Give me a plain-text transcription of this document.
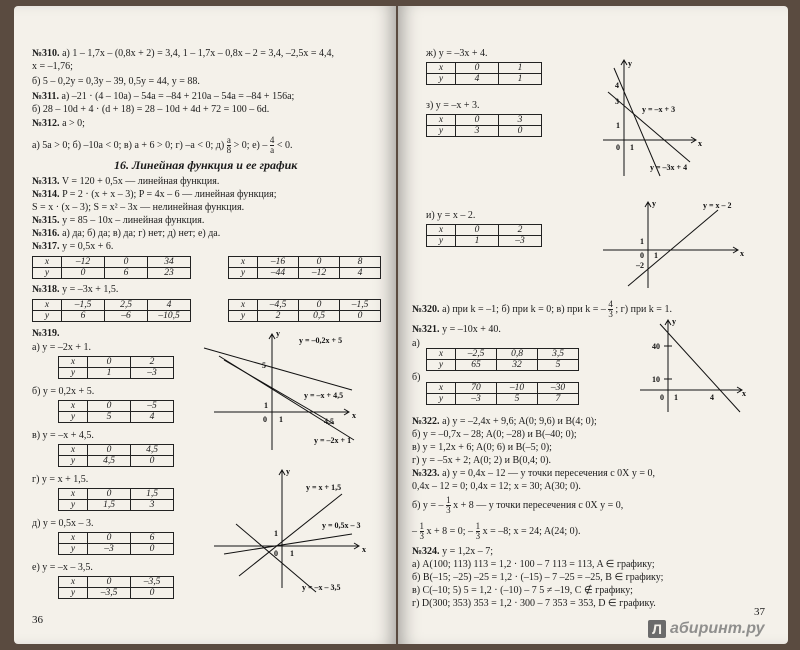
№310. а) 1 – 1,7x – (0,8x + 2) = 3,4, 1 – 1,7x – 0,8x – 2 = 3,4, –2,5x = 4,4,
x = –1,76;
б) 5 – 0,2y = 0,3y – 39, 0,5y = 44, y = 88.
№311. а) –21 · (4 – 10a) – 54a = –84 + 210a – 54a = –84 + 156a;
б) 28 – 10d + 4 · (d + 18) = 28 – 10d + 4d + 72 = 100 – 6d.
№312. a > 0;
а) 5a > 0; б) –10a < 0; в) a + 6 > 0; г) –a < 0; $д) \frac{a}{8} > 0$; $е) - \frac{4}{a} < 0$.
16. Линейная функция и ее график
№313. V = 120 + 0,5x — линейная функция.
№314. P = 2 · (x + x – 3); P = 4x – 6 — линейная функция;
S = x · (x – 3); S = x² – 3x — нелинейная функция.
№315. y = 85 – 10x – линейная функция.
№316. а) да; б) да; в) да; г) нет; д) нет; е) да.
№317. y = 0,5x + 6.
x	–12	0	34
y	0	6	23
x	–16	0	8
y	–44	–12	4
№318. y = –3x + 1,5.
x	–1,5	2,5	4
y	6	–6	–10,5
x	–4,5	0	–1,5
y	2	0,5	0
№319.
а) y = –2x + 1.
x	0	2
y	1	–3
б) y = 0,2x + 5.
x	0	–5
y	5	4
в) y = –x + 4,5.
x	0	4,5
y	4,5	0
г) y = x + 1,5.
x	0	1,5
y	1,5	3
д) y = 0,5x – 3.
x	0	6
y	–3	0
е) y = –x – 3,5.
x	0	–3,5
y	–3,5	0
y = –0,2x + 5
y = –x + 4,5
y = –2x + 1
5
1
0 1	4,5
x
y
y = x + 1,5
y = 0,5x – 3
y = –x – 3,5
1
0 1	x
y
36
ж) y = –3x + 4.
x	0	1
y	4	1
з) y = –x + 3.
x	0	3
y	3	0
y = –x + 3
y = –3x + 4
4
3
1
0 1	x
y
и) y = x – 2.
x	0	2
y	1	–3
y = x – 2
1
0 1
–2
x
y
№320. а) при k = –1; б) при k = 0; в) при k = – $\frac{4}{3}$ ; г) при k = 1.
№321. y = –10x + 40.
а)
x	–2,5	0,8	3,5
y	65	32	5
б)
x	70	–10	–30
y	–3	5	7
40
10
0 1	4	x
y
№322. а) y = –2,4x + 9,6; A(0; 9,6) и B(4; 0);
б) y = –0,7x – 28; A(0; –28) и B(–40; 0);
в) y = 1,2x + 6; A(0; 6) и B(–5; 0);
г) y = –5x + 2; A(0; 2) и B(0,4; 0).
№323. а) y = 0,4x – 12 — у точки пересечения с 0X y = 0,
0,4x – 12 = 0; 0,4x = 12; x = 30; A(30; 0).
б) y = – $\frac{1}{3}$ x + 8 — у точки пересечения с 0X y = 0,
– $\frac{1}{3}$ x + 8 = 0; – $\frac{1}{3}$ x = –8; x = 24; A(24; 0).
№324. y = 1,2x – 7;
а) A(100; 113) 113 = 1,2 · 100 – 7 113 = 113, A ∈ графику;
б) B(–15; –25) –25 = 1,2 · (–15) – 7 –25 = –25, B ∈ графику;
в) C(–10; 5) 5 = 1,2 · (–10) – 7 5 ≠ –19, C ∉ графику;
г) D(300; 353) 353 = 1,2 · 300 – 7 353 = 353, D ∈ графику.
37
Л абиринт.ру
